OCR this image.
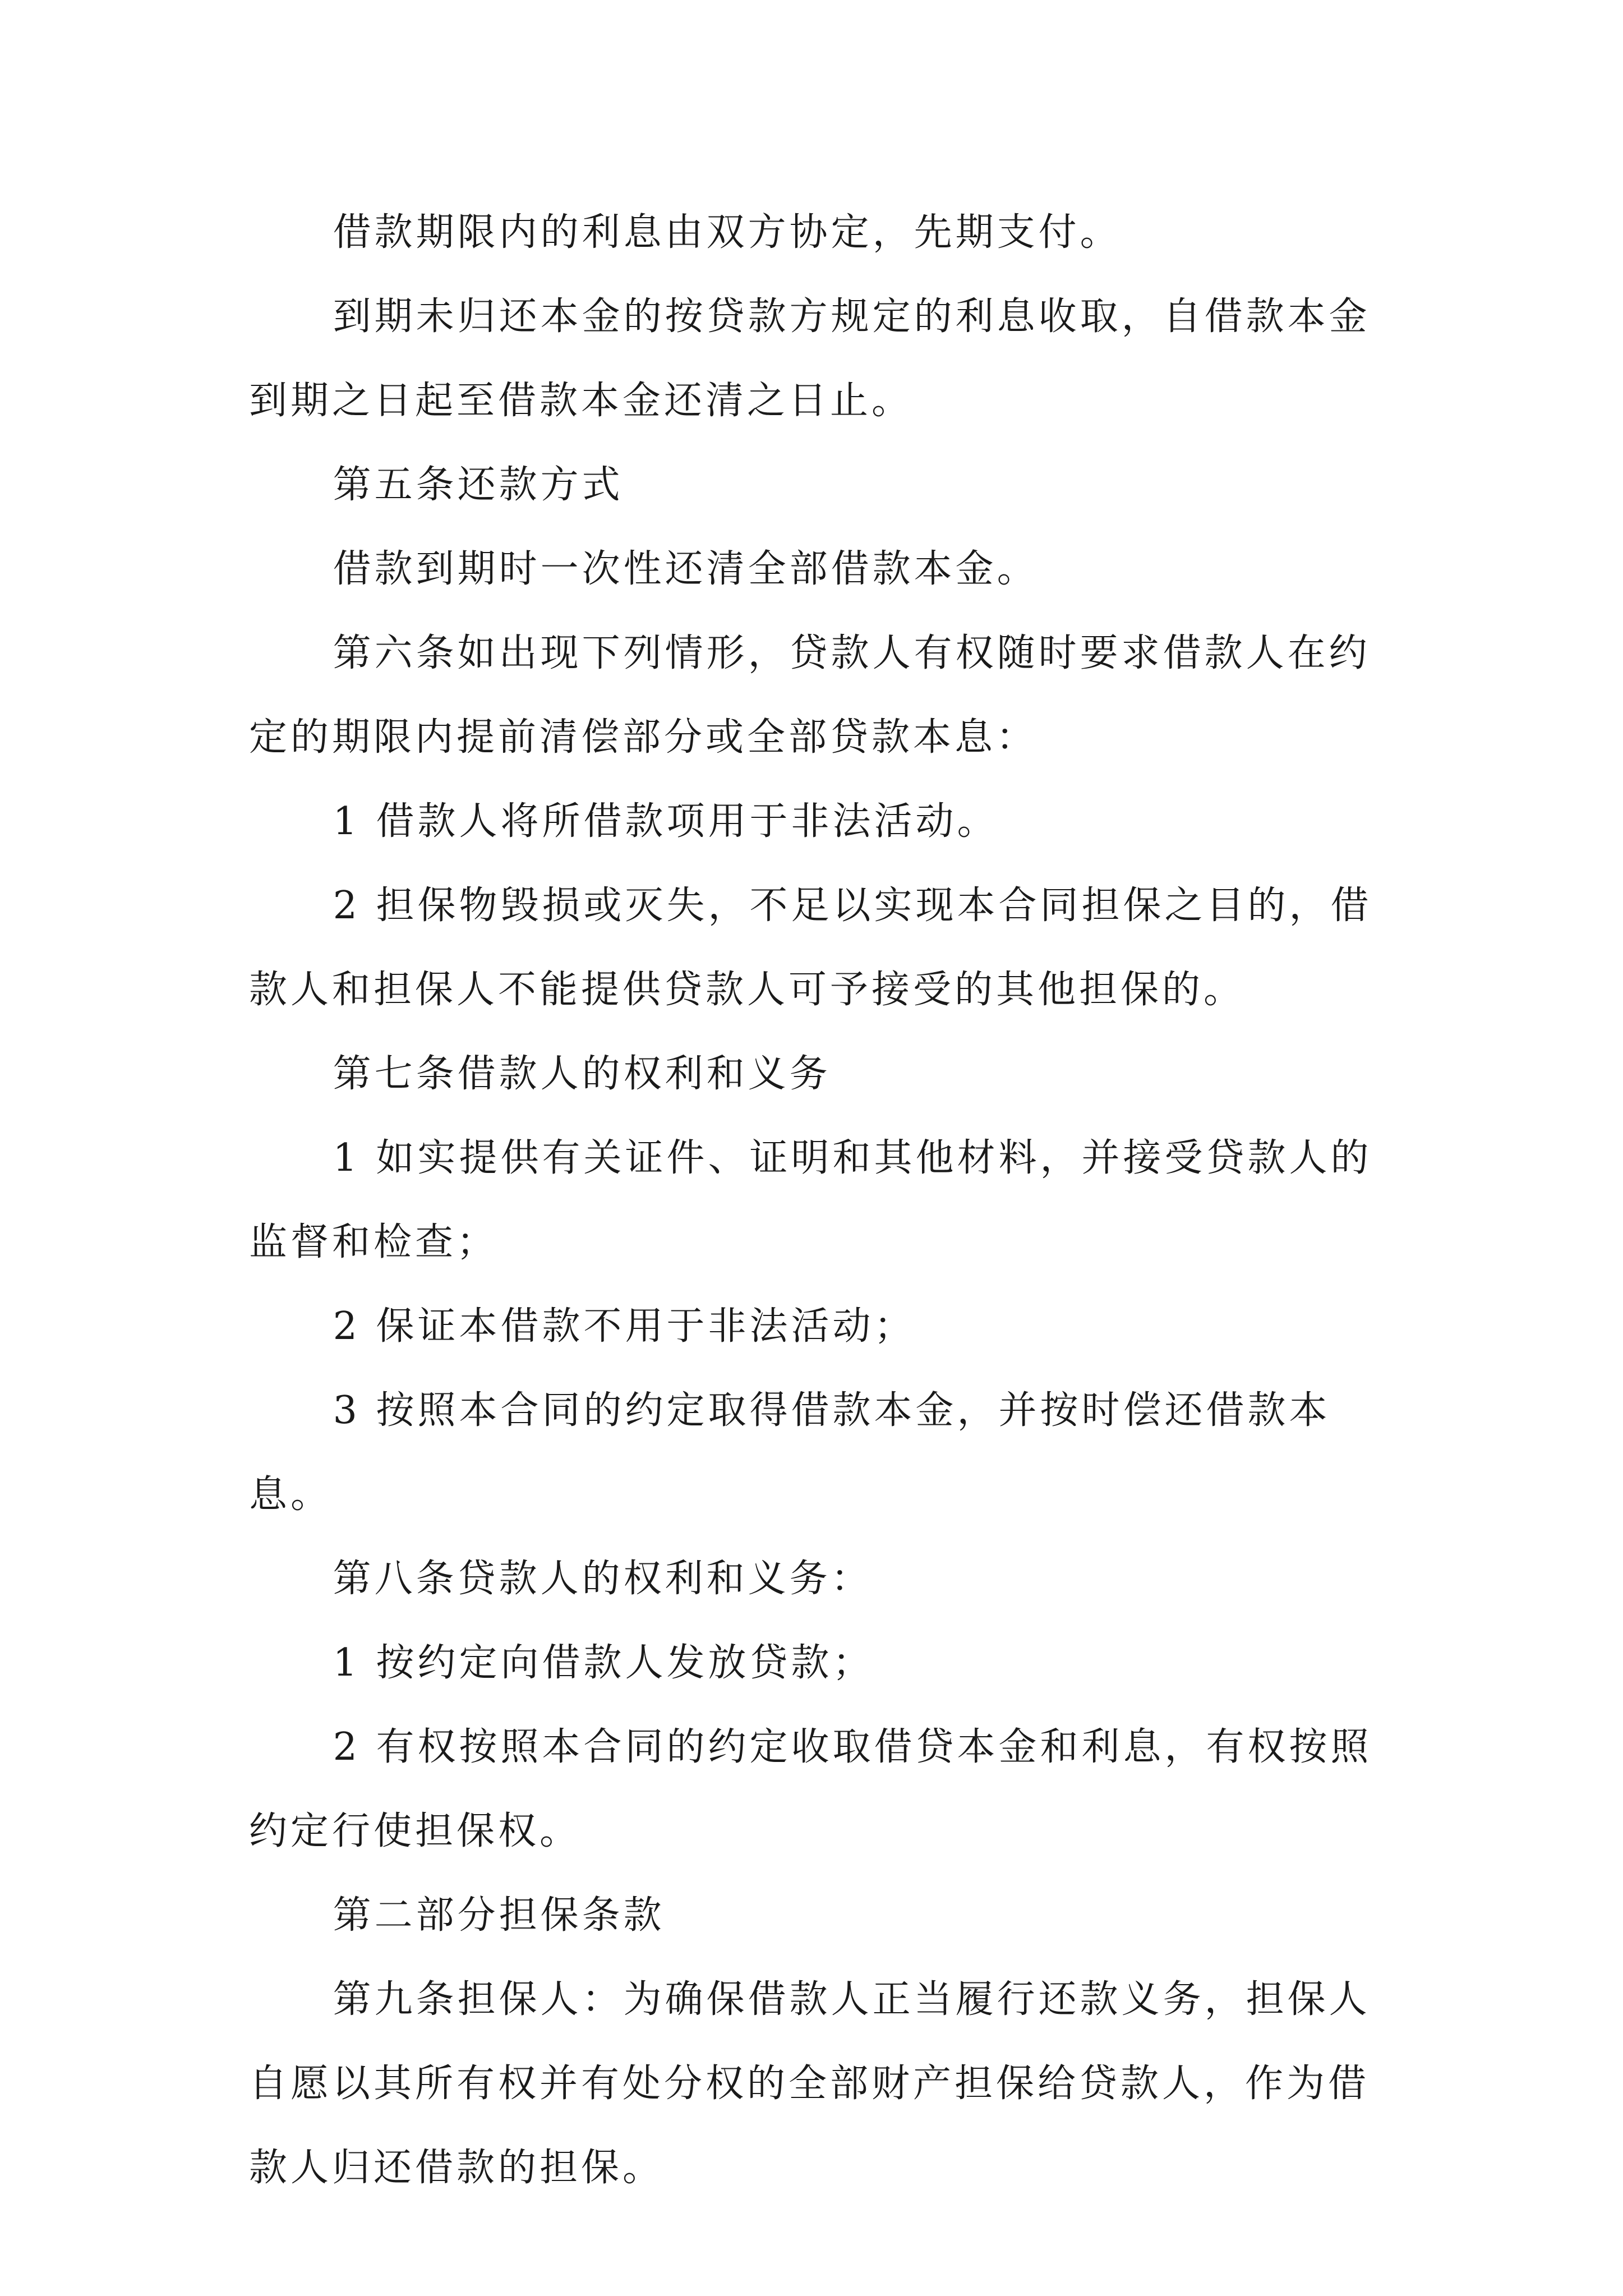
借款期限内的利息由双方协定，先期支付。

到期未归还本金的按贷款方规定的利息收取，自借款本金到期之日起至借款本金还清之日止。

第五条还款方式

借款到期时一次性还清全部借款本金。

第六条如出现下列情形，贷款人有权随时要求借款人在约定的期限内提前清偿部分或全部贷款本息：

1 借款人将所借款项用于非法活动。

2 担保物毁损或灭失，不足以实现本合同担保之目的，借款人和担保人不能提供贷款人可予接受的其他担保的。

第七条借款人的权利和义务

1 如实提供有关证件、证明和其他材料，并接受贷款人的监督和检查；

2 保证本借款不用于非法活动；

3 按照本合同的约定取得借款本金，并按时偿还借款本息。

第八条贷款人的权利和义务：

1 按约定向借款人发放贷款；

2 有权按照本合同的约定收取借贷本金和利息，有权按照约定行使担保权。

第二部分担保条款

第九条担保人：为确保借款人正当履行还款义务，担保人自愿以其所有权并有处分权的全部财产担保给贷款人，作为借款人归还借款的担保。
